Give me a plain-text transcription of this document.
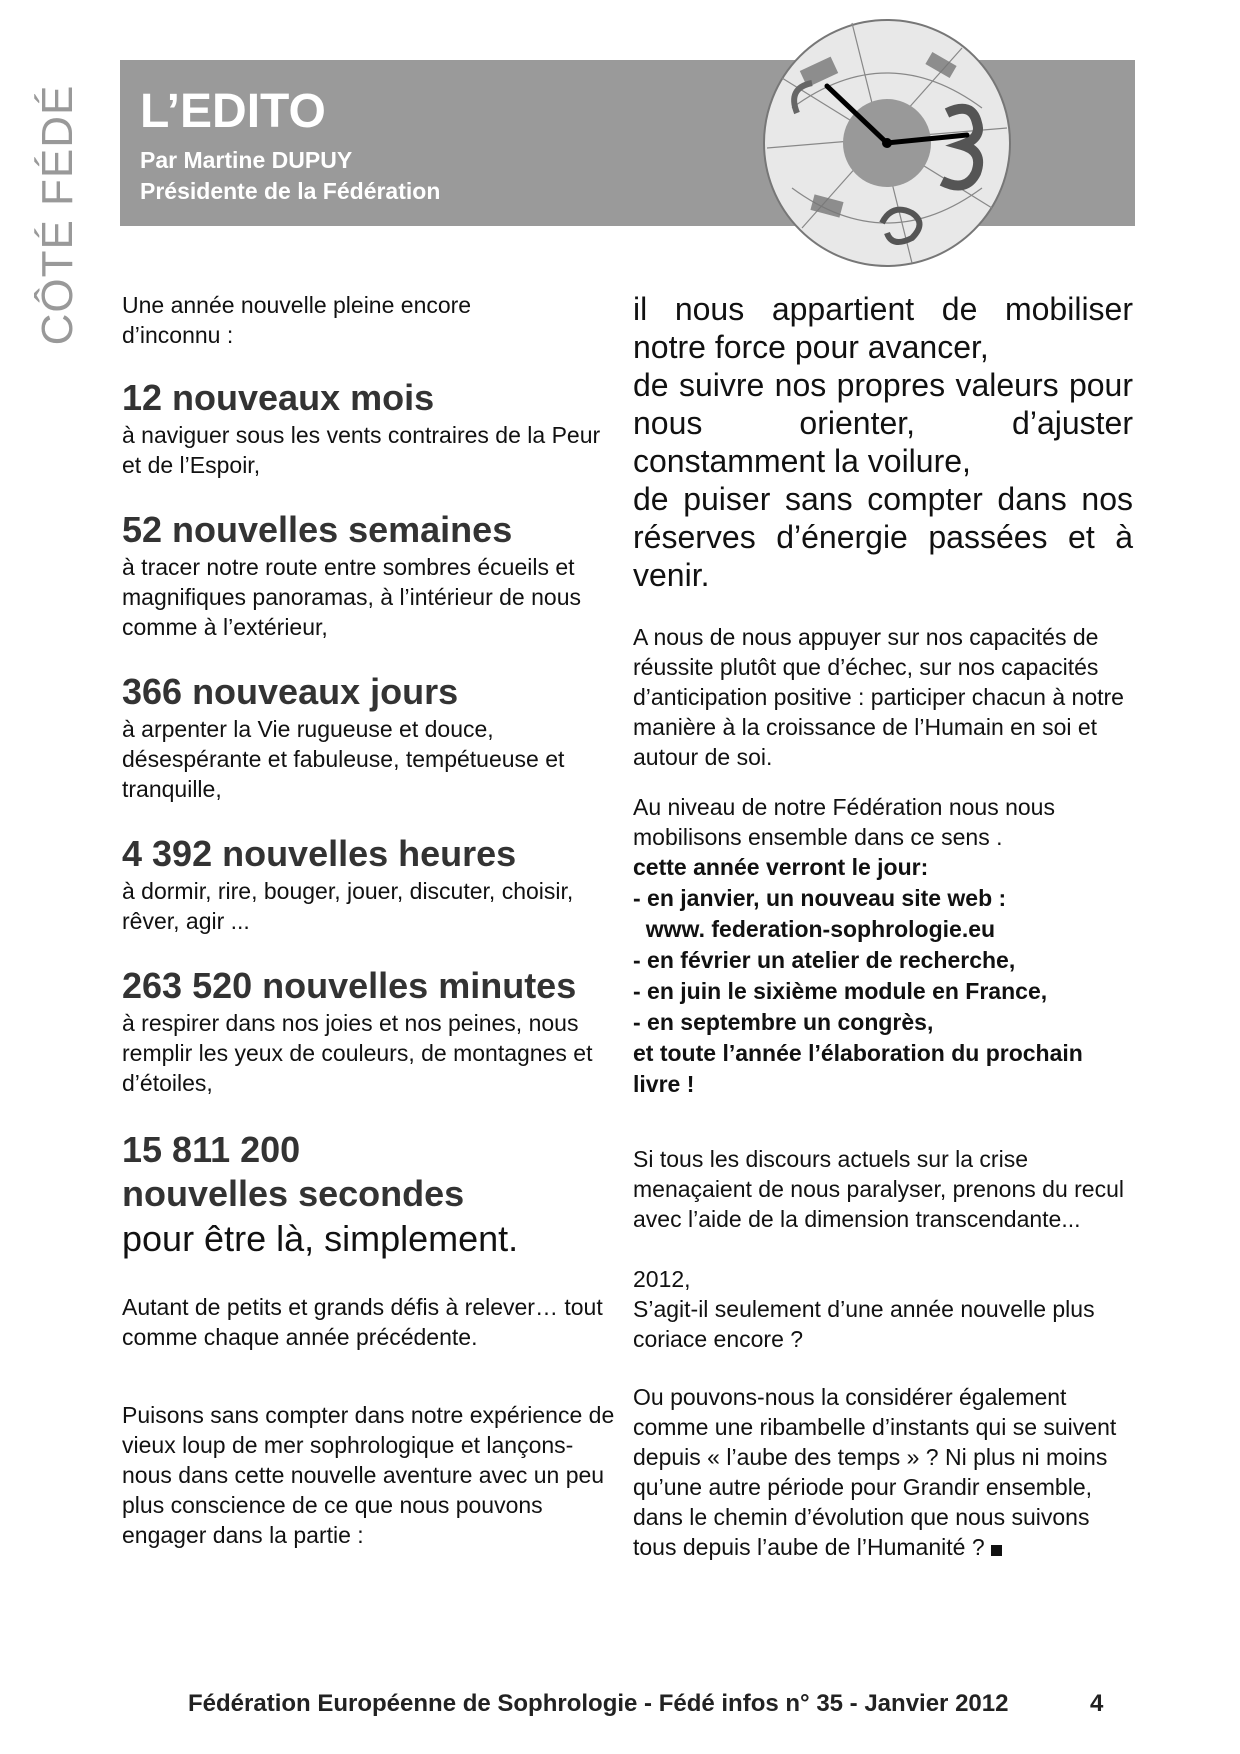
CÔTÉ FÉDÉ L’EDITO

Par Martine DUPUY

Présidente de la Fédération

Une année nouvelle pleine encore d’inconnu :

12 nouveaux mois

à naviguer sous les vents contraires de la Peur et de l’Espoir,

52 nouvelles semaines

à tracer notre route entre sombres écueils et magnifiques panoramas, à l’intérieur de nous comme à l’extérieur,

366 nouveaux jours

à arpenter la Vie rugueuse et douce, désespérante et fabuleuse, tempétueuse et tranquille,

4 392 nouvelles heures

à dormir, rire, bouger, jouer, discuter, choisir, rêver, agir ...

263 520 nouvelles minutes

à respirer dans nos joies et nos peines, nous remplir les yeux de couleurs, de montagnes et d’étoiles,

15 811 200
nouvelles secondes

pour être là, simplement.

Autant de petits et grands défis à relever… tout comme chaque année précédente.

Puisons sans compter dans notre expérience de vieux loup de mer sophrologique et lançons-nous dans cette nouvelle aventure avec un peu plus conscience de ce que nous pouvons engager dans la partie :

il nous appartient de mobiliser notre force pour avancer,

de suivre nos propres valeurs pour nous orienter, d’ajuster constamment la voilure,

de puiser sans compter dans nos réserves d’énergie passées et à venir.

A nous de nous appuyer sur nos capacités de réussite plutôt que d’échec, sur nos capacités d’anticipation positive : participer chacun à notre manière à la croissance de l’Humain en soi et autour de soi.

Au niveau de notre Fédération nous nous mobilisons ensemble dans ce sens .

cette année verront le jour:

- en janvier, un nouveau site web :

www. federation-sophrologie.eu

- en février un atelier de recherche,

- en juin le sixième module en France,

- en septembre un congrès,

et toute l’année l’élaboration du prochain livre !

Si tous les discours actuels sur la crise menaçaient de nous paralyser, prenons du recul avec l’aide de la dimension transcendante...

2012,

S’agit-il seulement d’une année nouvelle plus coriace encore ?

Ou pouvons-nous la considérer également comme une ribambelle d’instants qui se suivent depuis « l’aube des temps » ? Ni plus ni moins qu’une autre période pour Grandir ensemble, dans le chemin d’évolution que nous suivons tous depuis l’aube de l’Humanité ?

Fédération Européenne de Sophrologie - Fédé infos n° 35 - Janvier 2012	4
